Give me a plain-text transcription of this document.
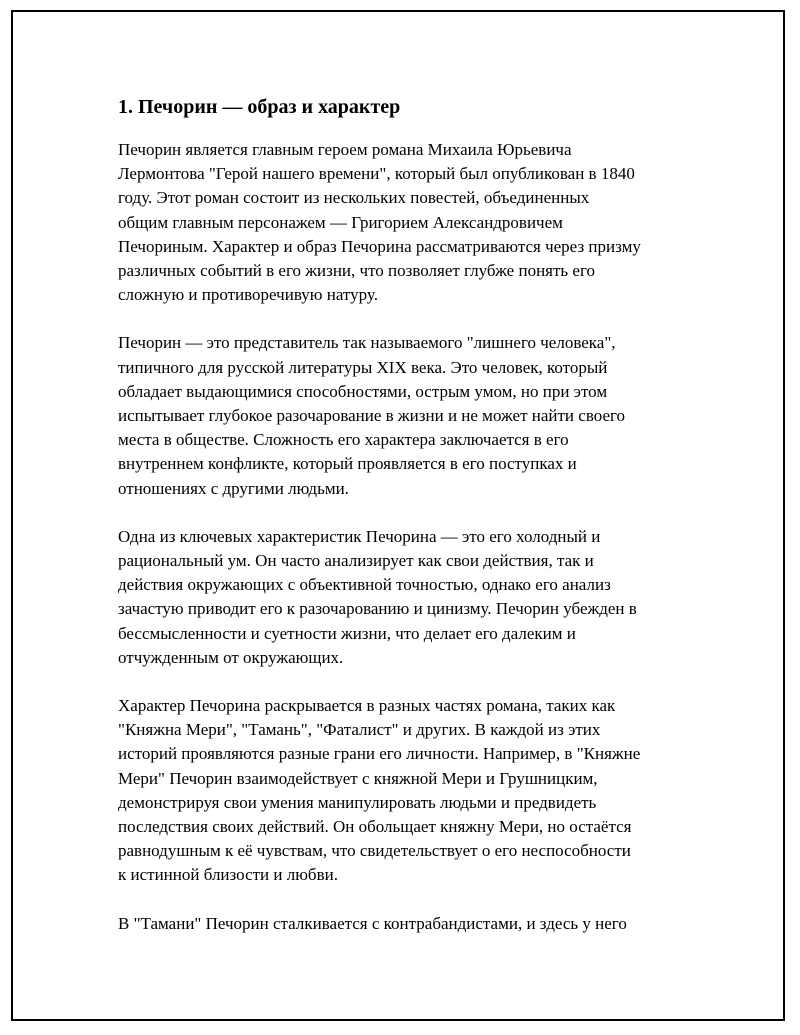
1. Печорин — образ и характер

Печорин является главным героем романа Михаила Юрьевича
Лермонтова "Герой нашего времени", который был опубликован в 1840
году. Этот роман состоит из нескольких повестей, объединенных
общим главным персонажем — Григорием Александровичем
Печориным. Характер и образ Печорина рассматриваются через призму
различных событий в его жизни, что позволяет глубже понять его
сложную и противоречивую натуру.

Печорин — это представитель так называемого "лишнего человека",
типичного для русской литературы XIX века. Это человек, который
обладает выдающимися способностями, острым умом, но при этом
испытывает глубокое разочарование в жизни и не может найти своего
места в обществе. Сложность его характера заключается в его
внутреннем конфликте, который проявляется в его поступках и
отношениях с другими людьми.

Одна из ключевых характеристик Печорина — это его холодный и
рациональный ум. Он часто анализирует как свои действия, так и
действия окружающих с объективной точностью, однако его анализ
зачастую приводит его к разочарованию и цинизму. Печорин убежден в
бессмысленности и суетности жизни, что делает его далеким и
отчужденным от окружающих.

Характер Печорина раскрывается в разных частях романа, таких как
"Княжна Мери", "Тамань", "Фаталист" и других. В каждой из этих
историй проявляются разные грани его личности. Например, в "Княжне
Мери" Печорин взаимодействует с княжной Мери и Грушницким,
демонстрируя свои умения манипулировать людьми и предвидеть
последствия своих действий. Он обольщает княжну Мери, но остаётся
равнодушным к её чувствам, что свидетельствует о его неспособности
к истинной близости и любви.

В "Тамани" Печорин сталкивается с контрабандистами, и здесь у него
